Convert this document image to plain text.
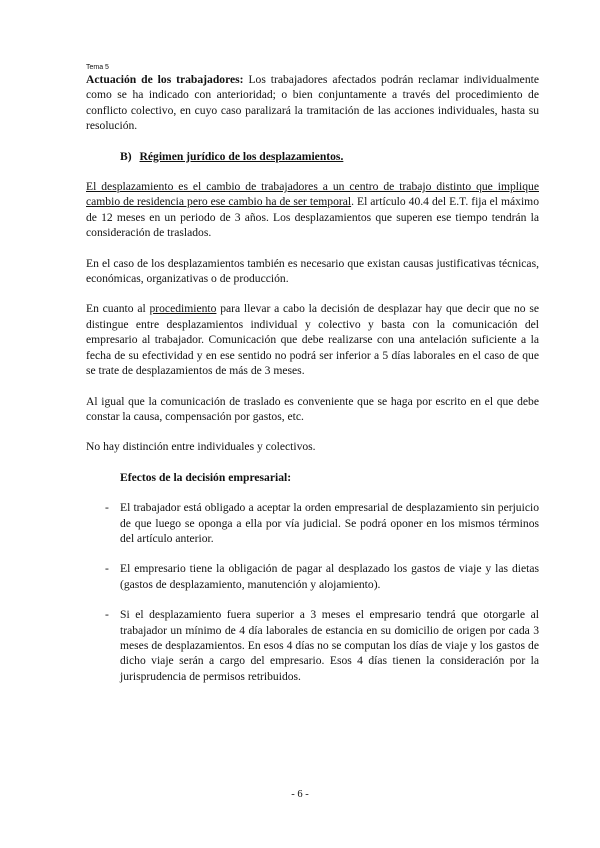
Tema 5

Actuación de los trabajadores: Los trabajadores afectados podrán reclamar individualmente como se ha indicado con anterioridad; o bien conjuntamente a través del procedimiento de conflicto colectivo, en cuyo caso paralizará la tramitación de las acciones individuales, hasta su resolución.

B) Régimen jurídico de los desplazamientos.

El desplazamiento es el cambio de trabajadores a un centro de trabajo distinto que implique cambio de residencia pero ese cambio ha de ser temporal. El artículo 40.4 del E.T. fija el máximo de 12 meses en un periodo de 3 años. Los desplazamientos que superen ese tiempo tendrán la consideración de traslados.

En el caso de los desplazamientos también es necesario que existan causas justificativas técnicas, económicas, organizativas o de producción.

En cuanto al procedimiento para llevar a cabo la decisión de desplazar hay que decir que no se distingue entre desplazamientos individual y colectivo y basta con la comunicación del empresario al trabajador. Comunicación que debe realizarse con una antelación suficiente a la fecha de su efectividad y en ese sentido no podrá ser inferior a 5 días laborales en el caso de que se trate de desplazamientos de más de 3 meses.

Al igual que la comunicación de traslado es conveniente que se haga por escrito en el que debe constar la causa, compensación por gastos, etc.

No hay distinción entre individuales y colectivos.

Efectos de la decisión empresarial:
- El trabajador está obligado a aceptar la orden empresarial de desplazamiento sin perjuicio de que luego se oponga a ella por vía judicial. Se podrá oponer en los mismos términos del artículo anterior.
- El empresario tiene la obligación de pagar al desplazado los gastos de viaje y las dietas (gastos de desplazamiento, manutención y alojamiento).
- Si el desplazamiento fuera superior a 3 meses el empresario tendrá que otorgarle al trabajador un mínimo de 4 día laborales de estancia en su domicilio de origen por cada 3 meses de desplazamientos. En esos 4 días no se computan los días de viaje y los gastos de dicho viaje serán a cargo del empresario. Esos 4 días tienen la consideración por la jurisprudencia de permisos retribuidos.
- 6 -
